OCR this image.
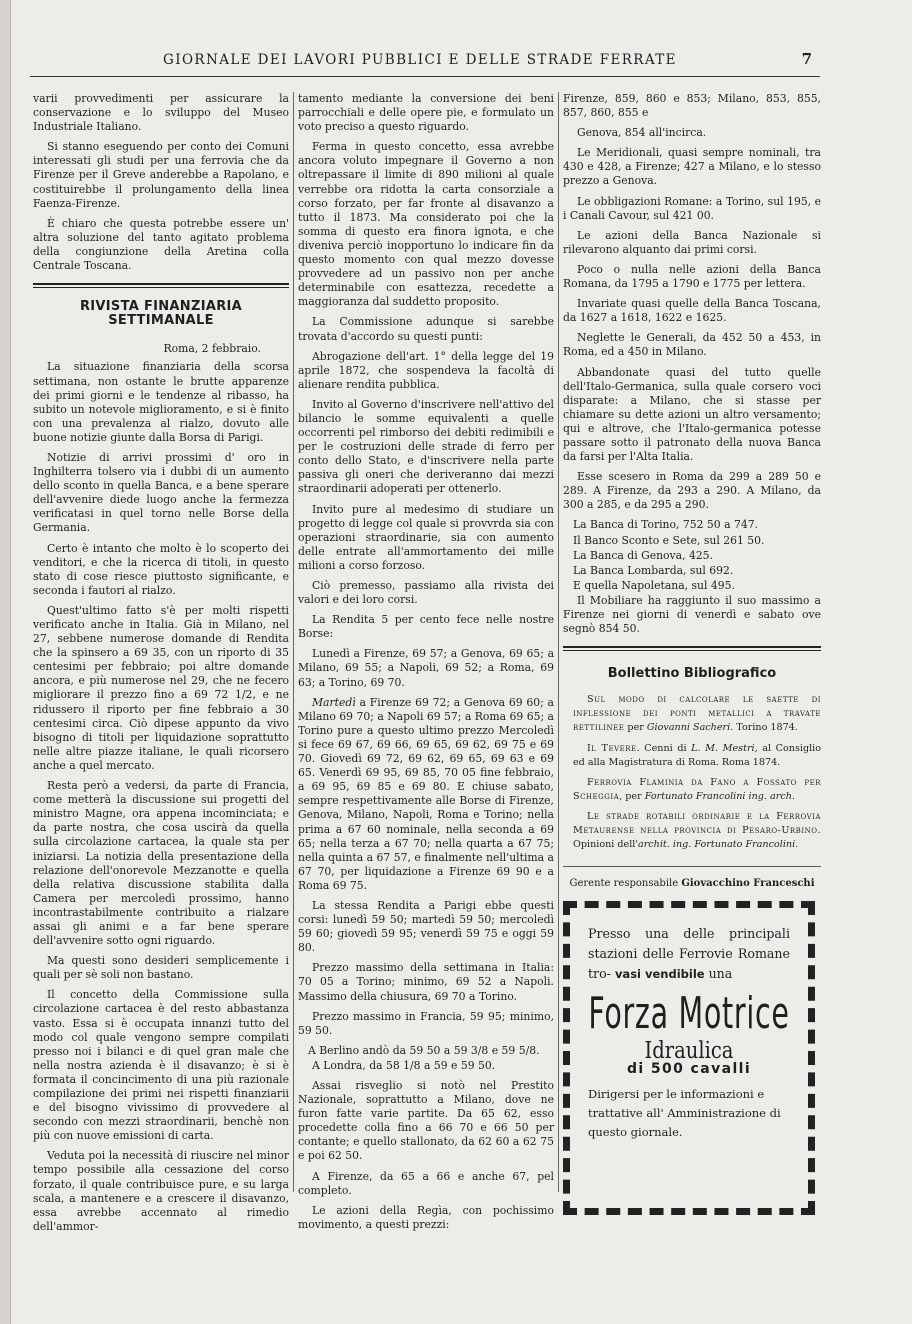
GIORNALE DEI LAVORI PUBBLICI E DELLE STRADE FERRATE	7

varii provvedimenti per assicurare la conservazione e lo sviluppo del Museo Industriale Italiano.

Si stanno eseguendo per conto dei Comuni interessati gli studi per una ferrovia che da Firenze per il Greve anderebbe a Rapolano, e costituirebbe il prolungamento della linea Faenza-Firenze.

È chiaro che questa potrebbe essere un' altra soluzione del tanto agitato problema della congiunzione della Aretina colla Centrale Toscana.

RIVISTA FINANZIARIA SETTIMANALE
Roma, 2 febbraio.

La situazione finanziaria della scorsa settimana, non ostante le brutte apparenze dei primi giorni e le tendenze al ribasso, ha subito un notevole miglioramento, e si è finito con una prevalenza al rialzo, dovuto alle buone notizie giunte dalla Borsa di Parigi.

Notizie di arrivi prossimi d' oro in Inghilterra tolsero via i dubbi di un aumento dello sconto in quella Banca, e a bene sperare dell'avvenire diede luogo anche la fermezza verificatasi in quel torno nelle Borse della Germania.

Certo è intanto che molto è lo scoperto dei venditori, e che la ricerca di titoli, in questo stato di cose riesce piuttosto significante, e seconda i fautori al rialzo.

Quest'ultimo fatto s'è per molti rispetti verificato anche in Italia. Già in Milano, nel 27, sebbene numerose domande di Rendita che la spinsero a 69 35, con un riporto di 35 centesimi per febbraio; poi altre domande ancora, e più numerose nel 29, che ne fecero migliorare il prezzo fino a 69 72 1/2, e ne ridussero il riporto per fine febbraio a 30 centesimi circa. Ciò dipese appunto da vivo bisogno di titoli per liquidazione soprattutto nelle altre piazze italiane, le quali ricorsero anche a quel mercato.

Resta però a vedersi, da parte di Francia, come metterà la discussione sui progetti del ministro Magne, ora appena incominciata; e da parte nostra, che cosa uscirà da quella sulla circolazione cartacea, la quale sta per iniziarsi. La notizia della presentazione della relazione dell'onorevole Mezzanotte e quella della relativa discussione stabilita dalla Camera per mercoledì prossimo, hanno incontrastabilmente contribuito a rialzare assai gli animi e a far bene sperare dell'avvenire sotto ogni riguardo.

Ma questi sono desideri semplicemente i quali per sè soli non bastano.

Il concetto della Commissione sulla circolazione cartacea è del resto abbastanza vasto. Essa si è occupata innanzi tutto del modo col quale vengono sempre compilati presso noi i bilanci e di quel gran male che nella nostra azienda è il disavanzo; è si è formata il concincimento di una più razionale compilazione dei primi nei rispetti finanziarii e del bisogno vivissimo di provvedere al secondo con mezzi straordinarii, benchè non più con nuove emissioni di carta.

Veduta poi la necessità di riuscire nel minor tempo possibile alla cessazione del corso forzato, il quale contribuisce pure, e su larga scala, a mantenere e a crescere il disavanzo, essa avrebbe accennato al rimedio dell'ammor-

tamento mediante la conversione dei beni parrocchiali e delle opere pie, e formulato un voto preciso a questo riguardo.

Ferma in questo concetto, essa avrebbe ancora voluto impegnare il Governo a non oltrepassare il limite di 890 milioni al quale verrebbe ora ridotta la carta consorziale a corso forzato, per far fronte al disavanzo a tutto il 1873. Ma considerato poi che la somma di questo era finora ignota, e che diveniva perciò inopportuno lo indicare fin da questo momento con qual mezzo dovesse provvedere ad un passivo non per anche determinabile con esattezza, recedette a maggioranza dal suddetto proposito.

La Commissione adunque si sarebbe trovata d'accordo su questi punti:

Abrogazione dell'art. 1° della legge del 19 aprile 1872, che sospendeva la facoltà di alienare rendita pubblica.

Invito al Governo d'inscrivere nell'attivo del bilancio le somme equivalenti a quelle occorrenti pel rimborso dei debiti redimibili e per le costruzioni delle strade di ferro per conto dello Stato, e d'inscrivere nella parte passiva gli oneri che deriveranno dai mezzi straordinarii adoperati per ottenerlo.

Invito pure al medesimo di studiare un progetto di legge col quale si provvrda sia con operazioni straordinarie, sia con aumento delle entrate all'ammortamento dei mille milioni a corso forzoso.

Ciò premesso, passiamo alla rivista dei valori e dei loro corsi.

La Rendita 5 per cento fece nelle nostre Borse:

Lunedì a Firenze, 69 57; a Genova, 69 65; a Milano, 69 55; a Napoli, 69 52; a Roma, 69 63; a Torino, 69 70.

Martedì a Firenze 69 72; a Genova 69 60; a Milano 69 70; a Napoli 69 57; a Roma 69 65; a Torino pure a questo ultimo prezzo Mercoledì si fece 69 67, 69 66, 69 65, 69 62, 69 75 e 69 70. Giovedì 69 72, 69 62, 69 65, 69 63 e 69 65. Venerdì 69 95, 69 85, 70 05 fine febbraio, a 69 95, 69 85 e 69 80. E chiuse sabato, sempre respettivamente alle Borse di Firenze, Genova, Milano, Napoli, Roma e Torino; nella prima a 67 60 nominale, nella seconda a 69 65; nella terza a 67 70; nella quarta a 67 75; nella quinta a 67 57, e finalmente nell'ultima a 67 70, per liquidazione a Firenze 69 90 e a Roma 69 75.

La stessa Rendita a Parigi ebbe questi corsi: lunedì 59 50; martedì 59 50; mercoledì 59 60; giovedì 59 95; venerdì 59 75 e oggi 59 80.

Prezzo massimo della settimana in Italia: 70 05 a Torino; minimo, 69 52 a Napoli. Massimo della chiusura, 69 70 a Torino.

Prezzo massimo in Francia, 59 95; minimo, 59 50.

A Berlino andò da 59 50 a 59 3/8 e 59 5/8.

A Londra, da 58 1/8 a 59 e 59 50.

Assai risveglio si notò nel Prestito Nazionale, soprattutto a Milano, dove ne furon fatte varie partite. Da 65 62, esso procedette colla fino a 66 70 e 66 50 per contante; e quello stallonato, da 62 60 a 62 75 e poi 62 50.

A Firenze, da 65 a 66 e anche 67, pel completo.

Le azioni della Regìa, con pochissimo movimento, a questi prezzi:

Firenze, 859, 860 e 853; Milano, 853, 855, 857, 860, 855 e

Genova, 854 all'incirca.

Le Meridionali, quasi sempre nominali, tra 430 e 428, a Firenze; 427 a Milano, e lo stesso prezzo a Genova.

Le obbligazioni Romane: a Torino, sul 195, e i Canali Cavour, sul 421 00.

Le azioni della Banca Nazionale si rilevarono alquanto dai primi corsi.

Poco o nulla nelle azioni della Banca Romana, da 1795 a 1790 e 1775 per lettera.

Invariate quasi quelle della Banca Toscana, da 1627 a 1618, 1622 e 1625.

Neglette le Generali, da 452 50 a 453, in Roma, ed a 450 in Milano.

Abbandonate quasi del tutto quelle dell'Italo-Germanica, sulla quale corsero voci disparate: a Milano, che si stasse per chiamare su dette azioni un altro versamento; qui e altrove, che l'Italo-germanica potesse passare sotto il patronato della nuova Banca da farsi per l'Alta Italia.

Esse scesero in Roma da 299 a 289 50 e 289. A Firenze, da 293 a 290. A Milano, da 300 a 285, e da 295 a 290.

La Banca di Torino, 752 50 a 747.

Il Banco Sconto e Sete, sul 261 50.

La Banca di Genova, 425.

La Banca Lombarda, sul 692.

E quella Napoletana, sul 495.

Il Mobiliare ha raggiunto il suo massimo a Firenze nei giorni di venerdì e sabato ove segnò 854 50.

Bollettino Bibliografico

Sul modo di calcolare le saette di inflessione dei ponti metallici a travate rettilinee per Giovanni Sacheri. Torino 1874.

Il Tevere. Cenni di L. M. Mestri, al Consiglio ed alla Magistratura di Roma. Roma 1874.

Ferrovia Flaminia da Fano a Fossato per Scheggia, per Fortunato Francolini ing. arch.

Le strade rotabili ordinarie e la Ferrovia Metaurense nella provincia di Pesaro-Urbino. Opinioni dell'archit. ing. Fortunato Francolini.

Gerente responsabile Giovacchino Franceschi
Presso una delle principali stazioni delle Ferrovie Romane tro- vasi vendibile una
Forza Motrice
Idraulica
di 500 cavalli
Dirigersi per le informazioni e trattative all' Amministrazione di questo giornale.
